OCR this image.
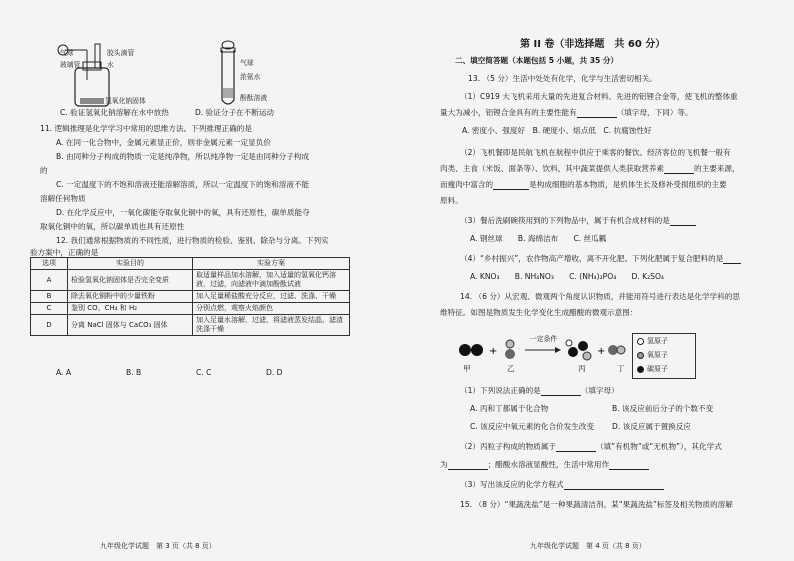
气球	胶头滴管
玻璃管	水
氢氧化钠固体
气球
浓氨水
酚酞溶液
C. 验证氢氧化钠溶解在水中放热	D. 验证分子在不断运动
11. 逻辑推理是化学学习中常用的思维方法。下列推理正确的是
A. 在同一化合物中，金属元素显正价，则非金属元素一定显负价
B. 由同种分子构成的物质一定是纯净物，所以纯净物一定是由同种分子构成
的
C. 一定温度下的不饱和溶液还能溶解溶质，所以一定温度下的饱和溶液不能
溶解任何物质
D. 在化学反应中，一氧化碳能夺取氧化铜中的氧，具有还原性，碳单质能夺
取氧化铜中的氧，所以碳单质也具有还原性
12. 我们通常根据物质的不同性质，进行物质的检验、鉴别、除杂与分离。下列实
验方案中，正确的是
选项	实验目的	实验方案
A	检验氢氧化钠固体是否完全变质	取适量样品加水溶解，加入适量的氢氧化钙溶液，过滤，向滤液中滴加酚酞试液
B	除去氧化铜粉中的少量铁粉	加入足量稀盐酸充分反应，过滤、洗涤、干燥
C	鉴别 CO、CH₄ 和 H₂	分别点燃，观察火焰颜色
D	分离 NaCl 固体与 CaCO₃ 固体	加入足量水溶解，过滤，将滤液蒸发结晶，滤渣洗涤干燥
A. A	B. B	C. C	D. D
九年级化学试题　第 3 页（共 8 页）
第 II 卷（非选择题　共 60 分）
二、填空简答题（本题包括 5 小题，共 35 分）
13. （5 分）生活中处处有化学，化学与生活密切相关。
（1）C919 大飞机采用大量的先进复合材料、先进的铝锂合金等，使飞机的整体重
量大为减小，铝锂合金具有的主要性能有	（填字母，下同）等。
A. 密度小、强度好　B. 硬度小、熔点低　C. 抗腐蚀性好
（2）飞机餐即是民航飞机在航程中供应于乘客的餐饮。经济客位的飞机餐一般有
肉类、主食（米饭、面条等）、饮料，其中蔬菜提供人类获取营养素	的主要来源，
而瘦肉中富含的	是构成细胞的基本物质，是机体生长及修补受损组织的主要
原料。
（3）餐后洗刷碗筷用到的下列物品中，属于有机合成材料的是
A. 钢丝球　　B. 海绵洁布　　C. 丝瓜瓤
（4）“乡村振兴”，农作物高产增收，离不开化肥。下列化肥属于复合肥料的是
A. KNO₃　　B. NH₄NO₃　　C. (NH₄)₂PO₄　　D. K₂SO₄
14. （6 分）从宏观、微观两个角度认识物质，并能用符号进行表达是化学学科的思
维特征。如图是物质发生化学变化生成醋酸的微观示意图：
+	+
一定条件
甲	乙	丙	丁
氢原子
氧原子
碳原子
（1）下列说法正确的是	（填字母）
A. 丙和丁都属于化合物	B. 该反应前后分子的个数不变
C. 该反应中氧元素的化合价发生改变 D. 该反应属于置换反应
（2）丙粒子构成的物质属于	（填“有机物”或“无机物”），其化学式
为	；醋酸水溶液显酸性，生活中常用作
（3）写出该反应的化学方程式
15. （8 分）“果蔬洗盐”是一种果蔬清洁剂。某“果蔬洗盐”标签及相关物质的溶解
九年级化学试题　第 4 页（共 8 页）
